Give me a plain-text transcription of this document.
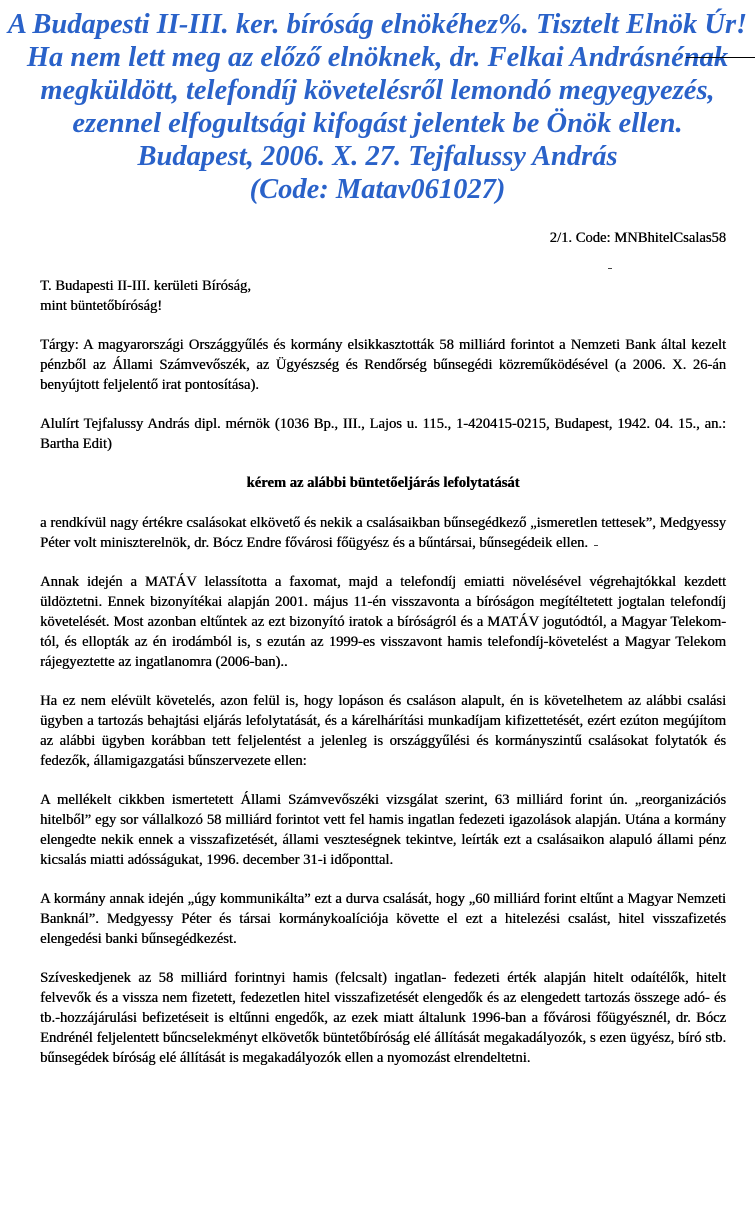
A Budapesti II-III. ker. bíróság elnökéhez%. Tisztelt Elnök Úr!
Ha nem lett meg az előző elnöknek, dr. Felkai Andrásnénak
megküldött, telefondíj követelésről lemondó megyegyezés,
ezennel elfogultsági kifogást jelentek be Önök ellen.
Budapest, 2006. X. 27. Tejfalussy András
(Code: Matav061027)
2/1. Code: MNBhitelCsalas58
T. Budapesti II-III. kerületi Bíróság,
mint büntetőbíróság!
Tárgy: A magyarországi Országgyűlés és kormány elsikkasztották 58 milliárd forintot a Nemzeti Bank által kezelt pénzből az Állami Számvevőszék, az Ügyészség és Rendőrség bűnsegédi közreműködésével (a 2006. X. 26-án benyújtott feljelentő irat pontosítása).
Alulírt Tejfalussy András dipl. mérnök (1036 Bp., III., Lajos u. 115., 1-420415-0215, Budapest, 1942. 04. 15., an.: Bartha Edit)
kérem az alábbi büntetőeljárás lefolytatását
a rendkívül nagy értékre csalásokat elkövető és nekik a csalásaikban bűnsegédkező „ismeretlen tettesek”, Medgyessy Péter volt miniszterelnök, dr. Bócz Endre fővárosi főügyész és a bűntársai, bűnsegédeik ellen.
Annak idején a MATÁV lelassította a faxomat, majd a telefondíj emiatti növelésével végrehajtókkal kezdett üldöztetni. Ennek bizonyítékai alapján 2001. május 11-én visszavonta a bíróságon megítéltetett jogtalan telefondíj követelését. Most azonban eltűntek az ezt bizonyító iratok a bíróságról és a MATÁV jogutódtól, a Magyar Telekom-tól, és ellopták az én irodámból is, s ezután az 1999-es visszavont hamis telefondíj-követelést a Magyar Telekom rájegyeztette az ingatlanomra (2006-ban)..
Ha ez nem elévült követelés, azon felül is, hogy lopáson és csaláson alapult, én is követelhetem az alábbi csalási ügyben a tartozás behajtási eljárás lefolytatását, és a kárelhárítási munkadíjam kifizettetését, ezért ezúton megújítom az alábbi ügyben korábban tett feljelentést a jelenleg is országgyűlési és kormányszintű csalásokat folytatók és fedezők, államigazgatási bűnszervezete ellen:
A mellékelt cikkben ismertetett Állami Számvevőszéki vizsgálat szerint, 63 milliárd forint ún. „reorganizációs hitelből” egy sor vállalkozó 58 milliárd forintot vett fel hamis ingatlan fedezeti igazolások alapján. Utána a kormány elengedte nekik ennek a visszafizetését, állami veszteségnek tekintve, leírták ezt a csalásaikon alapuló állami pénz kicsalás miatti adósságukat, 1996. december 31-i időponttal.
A kormány annak idején „úgy kommunikálta” ezt a durva csalását, hogy „60 milliárd forint eltűnt a Magyar Nemzeti Banknál”. Medgyessy Péter és társai kormánykoalíciója követte el ezt a hitelezési csalást, hitel visszafizetés elengedési banki bűnsegédkezést.
Szíveskedjenek az 58 milliárd forintnyi hamis (felcsalt) ingatlan- fedezeti érték alapján hitelt odaítélők, hitelt felvevők és a vissza nem fizetett, fedezetlen hitel visszafizetését elengedők és az elengedett tartozás összege adó- és tb.-hozzájárulási befizetéseit is eltűnni engedők, az ezek miatt általunk 1996-ban a fővárosi főügyésznél, dr. Bócz Endrénél feljelentett bűncselekményt elkövetők büntetőbíróság elé állítását megakadályozók, s ezen ügyész, bíró stb. bűnsegédek bíróság elé állítását is megakadályozók ellen a nyomozást elrendeltetni.
